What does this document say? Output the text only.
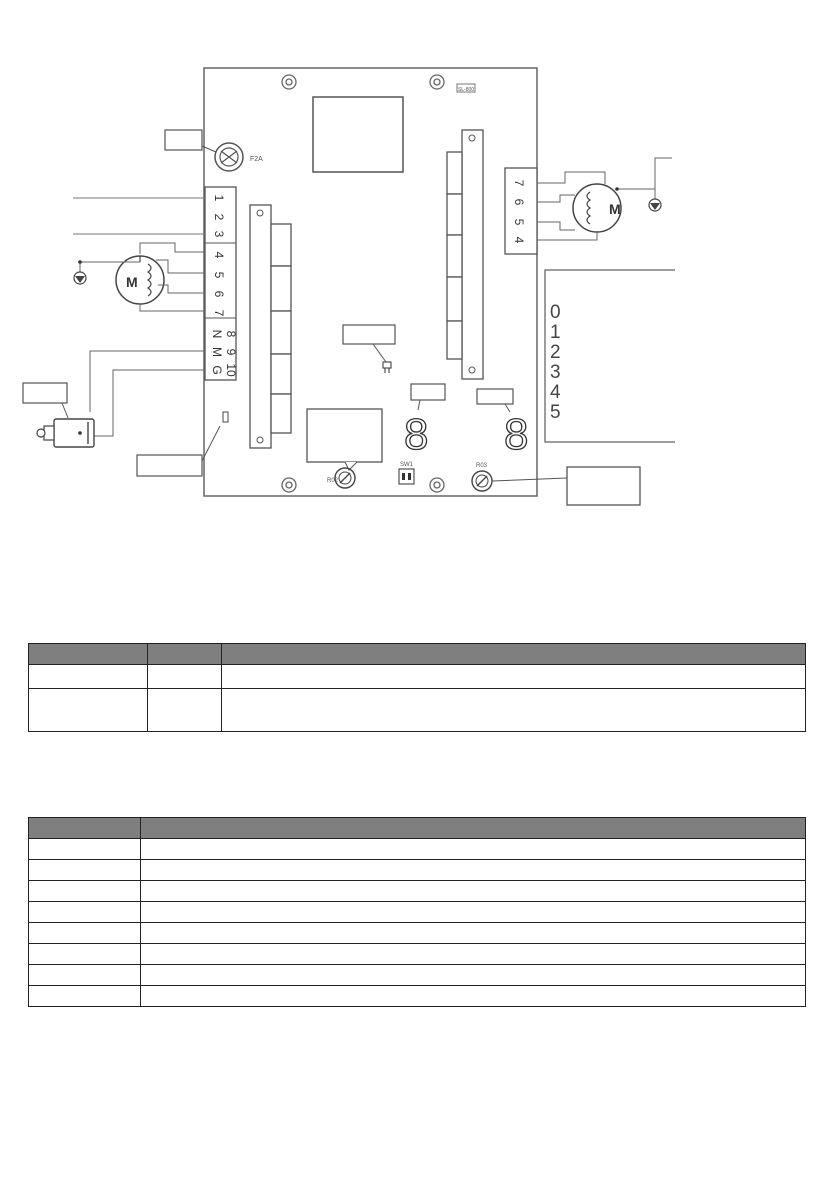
SL-800
F2A
1
2
3
4
5
6
7
8
9
10
N
M
G
M
7
6
5
4
M
0
1
2
3
4
5
8 8
R02
SW1	R03
